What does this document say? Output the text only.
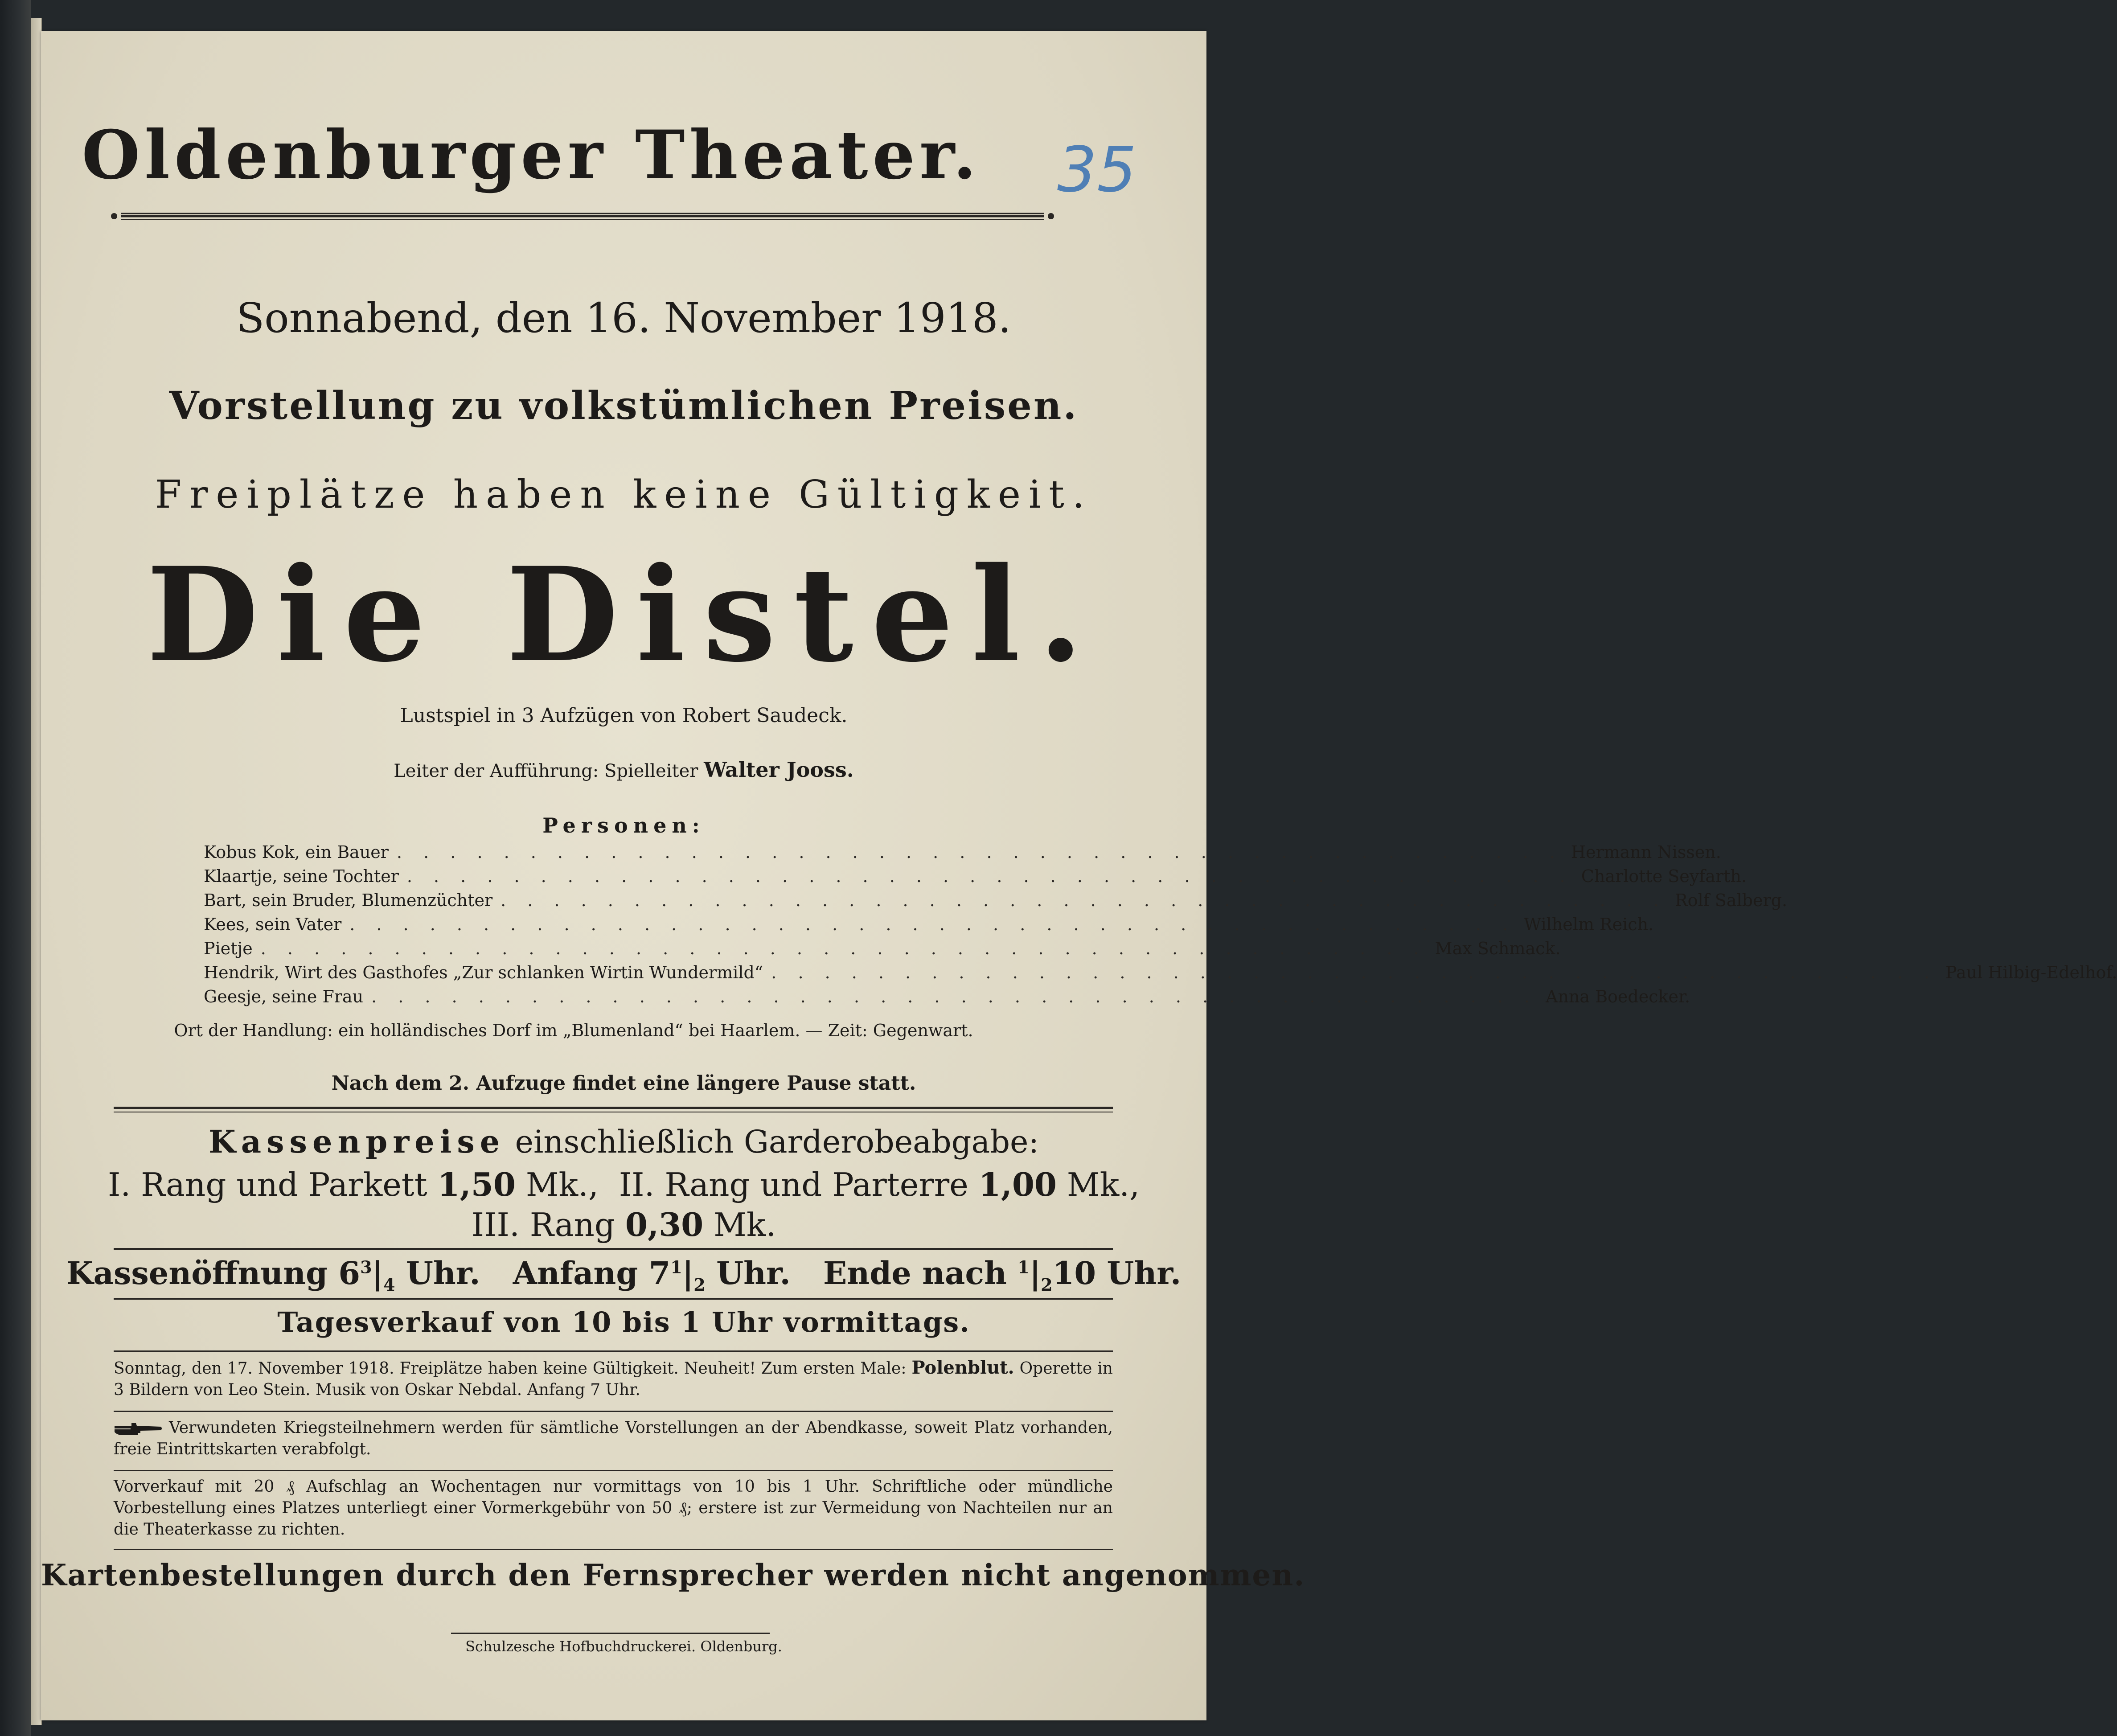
Oldenburger Theater.	35
Sonnabend, den 16. November 1918.
Vorstellung zu volkstümlichen Preisen.
Freiplätze haben keine Gültigkeit.
Die Distel.
Lustspiel in 3 Aufzügen von Robert Saudeck.
Leiter der Aufführung: Spielleiter Walter Jooss.
Personen:
Kobus Kok, ein Bauer . . . . . . . . . . . . . . . . . . . . . . . . . . . . . . . . . . . . . . . . . . . . Hermann Nissen.
Klaartje, seine Tochter . . . . . . . . . . . . . . . . . . . . . . . . . . . . . . . . . . . . . . . . . . . . Charlotte Seyfarth.
Bart, sein Bruder, Blumenzüchter . . . . . . . . . . . . . . . . . . . . . . . . . . . . . . . . . . . . . . . . . . . . Rolf Salberg.
Kees, sein Vater . . . . . . . . . . . . . . . . . . . . . . . . . . . . . . . . . . . . . . . . . . . . Wilhelm Reich.
Pietje . . . . . . . . . . . . . . . . . . . . . . . . . . . . . . . . . . . . . . . . . . . . Max Schmack.
Hendrik, Wirt des Gasthofes „Zur schlanken Wirtin Wundermild“ . . . . . . . . . . . . . . . . . . . . . . . . . . . . . . . . . . . . . . . . . . . . Paul Hilbig-Edelhof.
Geesje, seine Frau . . . . . . . . . . . . . . . . . . . . . . . . . . . . . . . . . . . . . . . . . . . . Anna Boedecker.
Ort der Handlung: ein holländisches Dorf im „Blumenland“ bei Haarlem. — Zeit: Gegenwart.
Nach dem 2. Aufzuge findet eine längere Pause statt.
Kassenpreise einschließlich Garderobeabgabe:
I. Rang und Parkett 1,50 Mk., II. Rang und Parterre 1,00 Mk.,
III. Rang 0,30 Mk.
Kassenöffnung $6^3|_4$ Uhr. Anfang $7^1|_2$ Uhr. Ende nach $^1|_210$ Uhr.
Tagesverkauf von 10 bis 1 Uhr vormittags.
Sonntag, den 17. November 1918. Freiplätze haben keine Gültigkeit. Neuheit! Zum ersten Male: Polenblut. Operette in 3 Bildern von Leo Stein. Musik von Oskar Nebdal. Anfang 7 Uhr.
Verwundeten Kriegsteilnehmern werden für sämtliche Vorstellungen an der Abendkasse, soweit Platz vorhanden, freie Eintrittskarten verabfolgt.
Vorverkauf mit 20 ₰ Aufschlag an Wochentagen nur vormittags von 10 bis 1 Uhr. Schriftliche oder mündliche Vorbestellung eines Platzes unterliegt einer Vormerkgebühr von 50 ₰; erstere ist zur Vermeidung von Nachteilen nur an die Theaterkasse zu richten.
Kartenbestellungen durch den Fernsprecher werden nicht angenommen.
Schulzesche Hofbuchdruckerei. Oldenburg.
